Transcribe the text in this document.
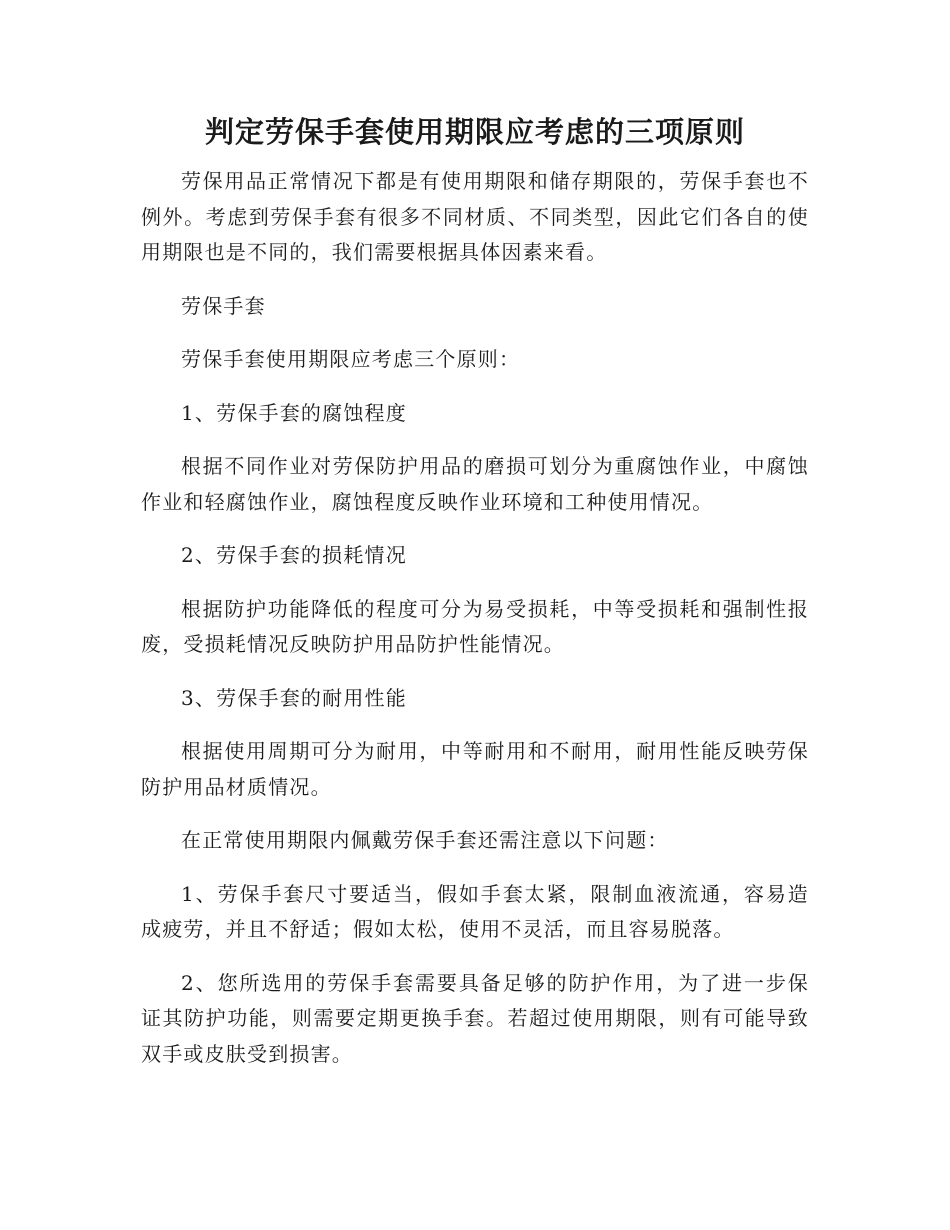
判定劳保手套使用期限应考虑的三项原则

劳保用品正常情况下都是有使用期限和储存期限的，劳保手套也不例外。考虑到劳保手套有很多不同材质、不同类型，因此它们各自的使用期限也是不同的，我们需要根据具体因素来看。

劳保手套

劳保手套使用期限应考虑三个原则：

1、劳保手套的腐蚀程度

根据不同作业对劳保防护用品的磨损可划分为重腐蚀作业，中腐蚀作业和轻腐蚀作业，腐蚀程度反映作业环境和工种使用情况。

2、劳保手套的损耗情况

根据防护功能降低的程度可分为易受损耗，中等受损耗和强制性报废，受损耗情况反映防护用品防护性能情况。

3、劳保手套的耐用性能

根据使用周期可分为耐用，中等耐用和不耐用，耐用性能反映劳保防护用品材质情况。

在正常使用期限内佩戴劳保手套还需注意以下问题：

1、劳保手套尺寸要适当，假如手套太紧，限制血液流通，容易造成疲劳，并且不舒适；假如太松，使用不灵活，而且容易脱落。

2、您所选用的劳保手套需要具备足够的防护作用，为了进一步保证其防护功能，则需要定期更换手套。若超过使用期限，则有可能导致双手或皮肤受到损害。
